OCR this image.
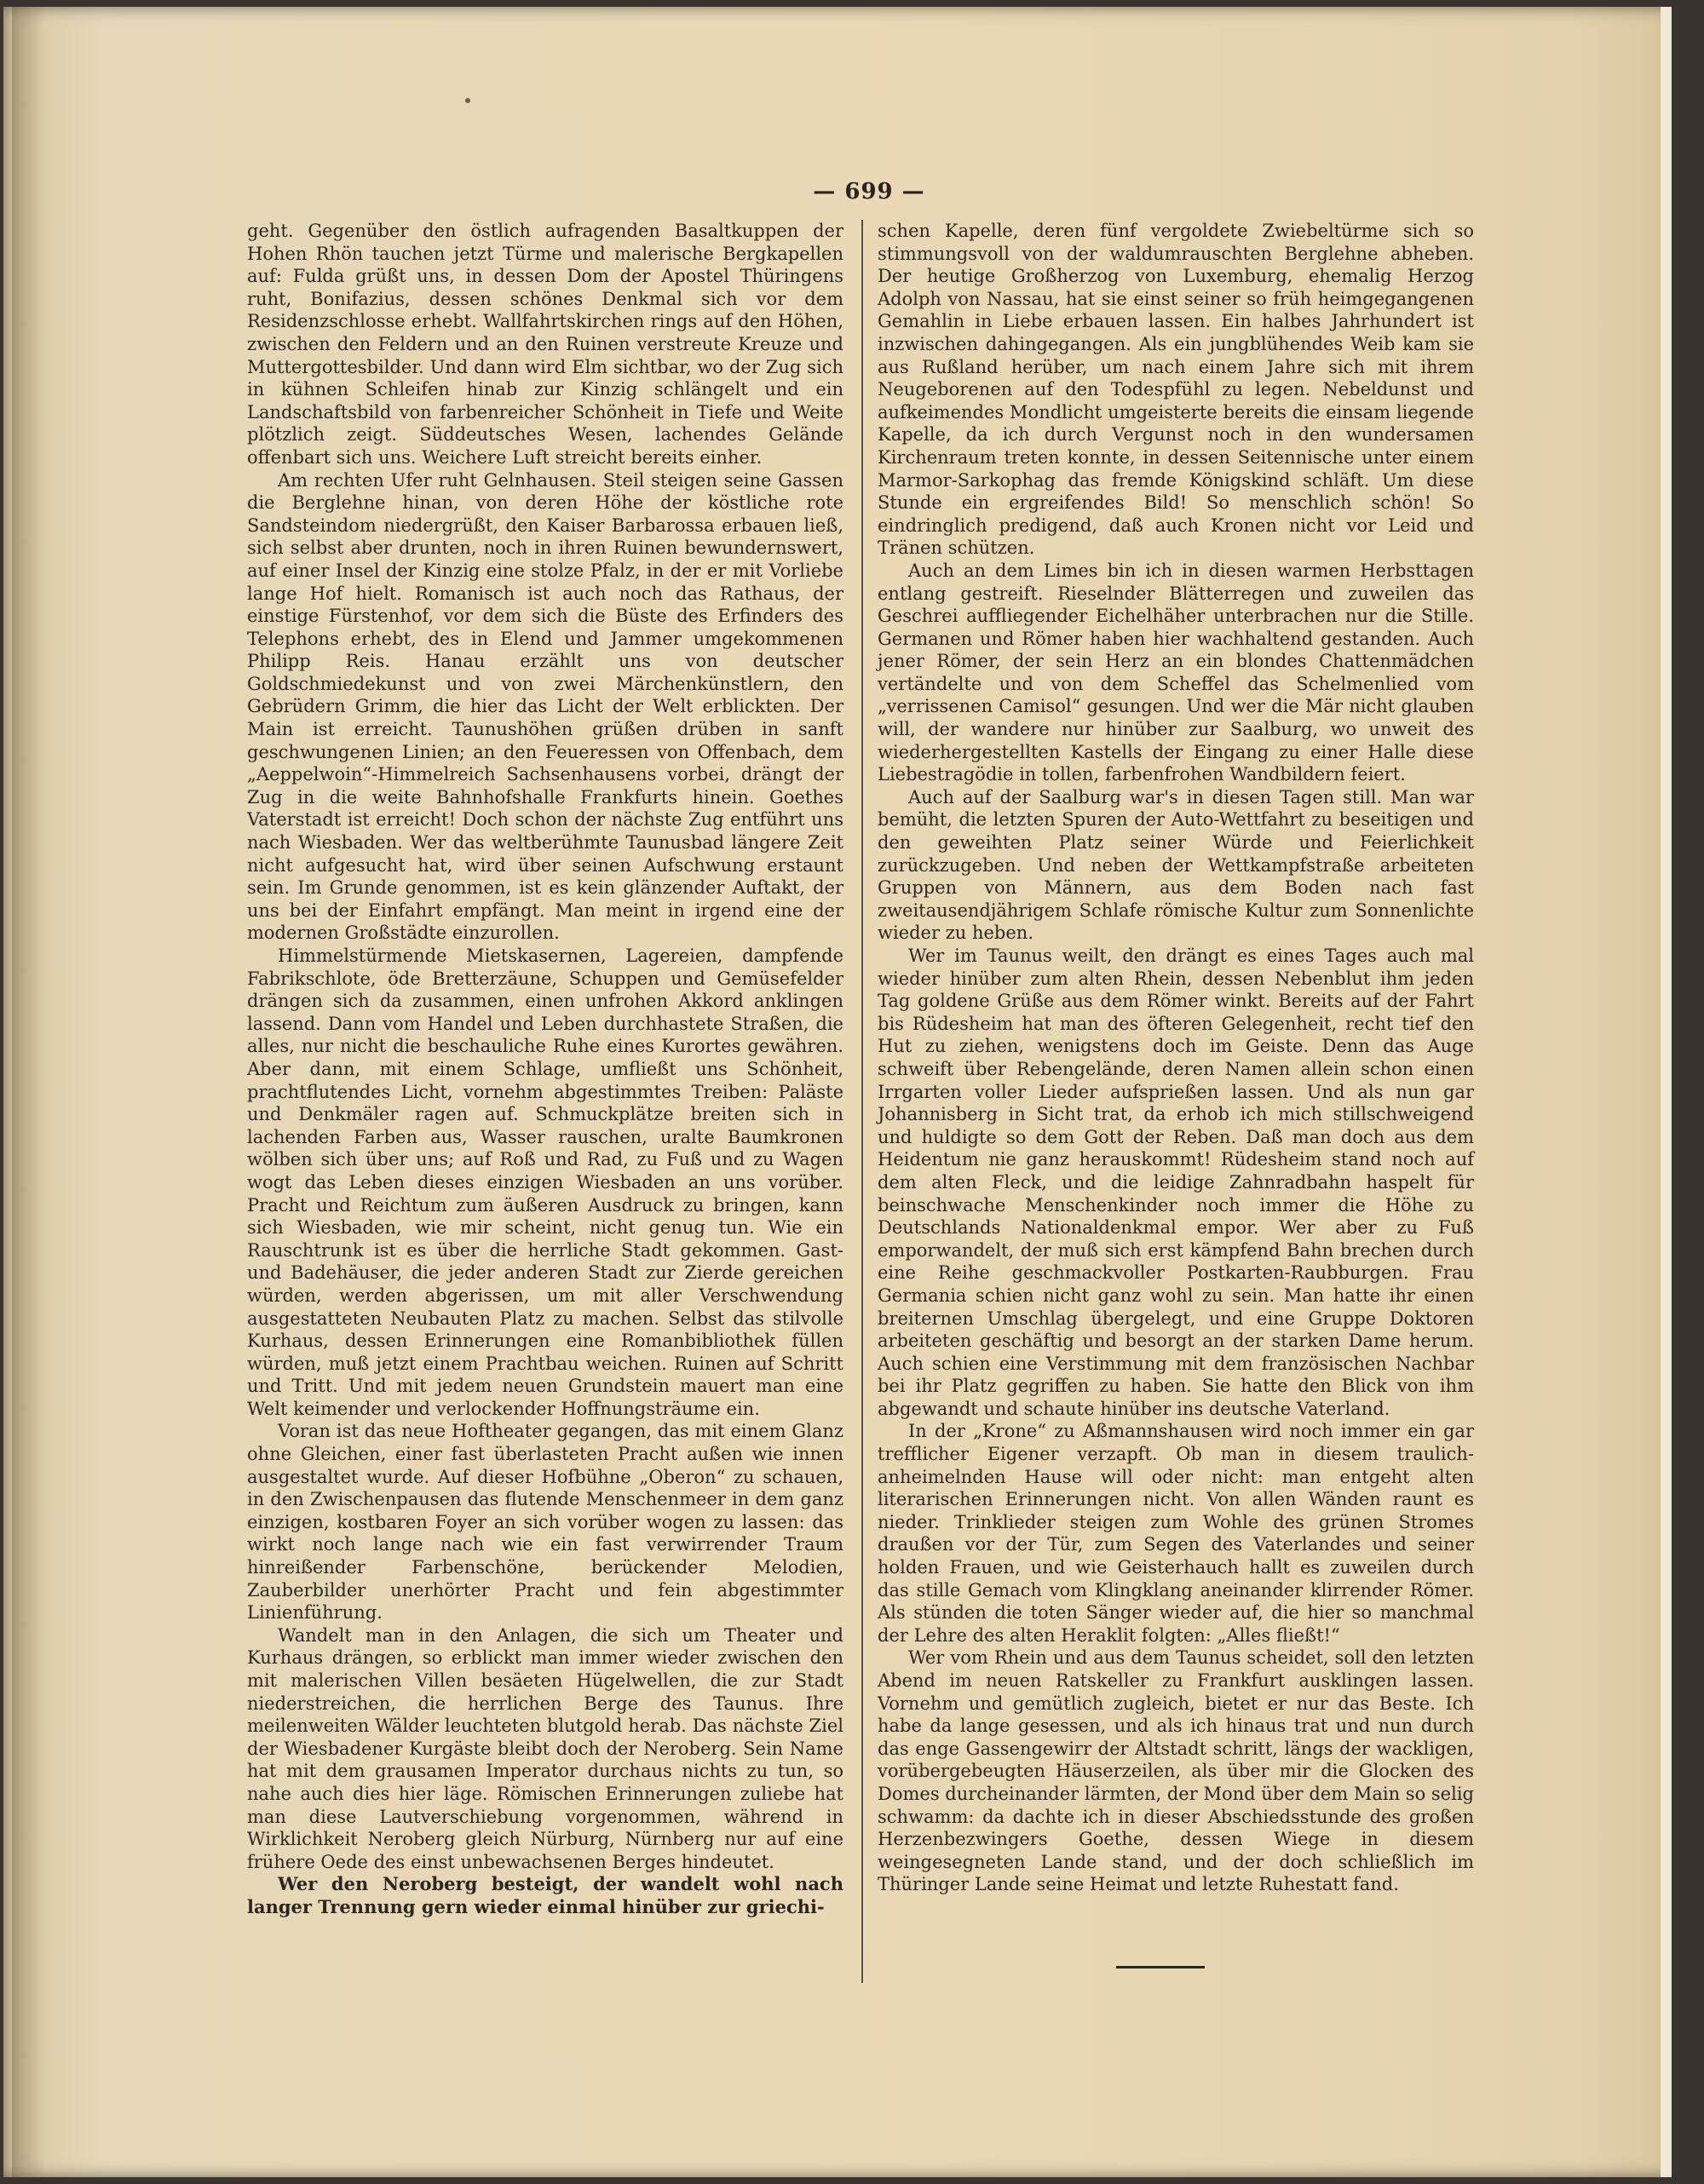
— 699 —

geht. Gegenüber den östlich aufragenden Basaltkuppen der Hohen Rhön tauchen jetzt Türme und malerische Bergkapellen auf: Fulda grüßt uns, in dessen Dom der Apostel Thüringens ruht, Bonifazius, dessen schönes Denkmal sich vor dem Residenzschlosse erhebt. Wallfahrtskirchen rings auf den Höhen, zwischen den Feldern und an den Ruinen verstreute Kreuze und Muttergottesbilder. Und dann wird Elm sichtbar, wo der Zug sich in kühnen Schleifen hinab zur Kinzig schlängelt und ein Landschaftsbild von farbenreicher Schönheit in Tiefe und Weite plötzlich zeigt. Süddeutsches Wesen, lachendes Gelände offenbart sich uns. Weichere Luft streicht bereits einher.

Am rechten Ufer ruht Gelnhausen. Steil steigen seine Gassen die Berglehne hinan, von deren Höhe der köstliche rote Sandsteindom niedergrüßt, den Kaiser Barbarossa erbauen ließ, sich selbst aber drunten, noch in ihren Ruinen bewundernswert, auf einer Insel der Kinzig eine stolze Pfalz, in der er mit Vorliebe lange Hof hielt. Romanisch ist auch noch das Rathaus, der einstige Fürstenhof, vor dem sich die Büste des Erfinders des Telephons erhebt, des in Elend und Jammer umgekommenen Philipp Reis. Hanau erzählt uns von deutscher Goldschmiedekunst und von zwei Märchenkünstlern, den Gebrüdern Grimm, die hier das Licht der Welt erblickten. Der Main ist erreicht. Taunushöhen grüßen drüben in sanft geschwungenen Linien; an den Feueressen von Offenbach, dem „Aeppelwoin“-Himmelreich Sachsenhausens vorbei, drängt der Zug in die weite Bahnhofshalle Frankfurts hinein. Goethes Vaterstadt ist erreicht! Doch schon der nächste Zug entführt uns nach Wiesbaden. Wer das weltberühmte Taunusbad längere Zeit nicht aufgesucht hat, wird über seinen Aufschwung erstaunt sein. Im Grunde genommen, ist es kein glänzender Auftakt, der uns bei der Einfahrt empfängt. Man meint in irgend eine der modernen Großstädte einzurollen.

Himmelstürmende Mietskasernen, Lagereien, dampfende Fabrikschlote, öde Bretterzäune, Schuppen und Gemüsefelder drängen sich da zusammen, einen unfrohen Akkord anklingen lassend. Dann vom Handel und Leben durchhastete Straßen, die alles, nur nicht die beschauliche Ruhe eines Kurortes gewähren. Aber dann, mit einem Schlage, umfließt uns Schönheit, prachtflutendes Licht, vornehm abgestimmtes Treiben: Paläste und Denkmäler ragen auf. Schmuckplätze breiten sich in lachenden Farben aus, Wasser rauschen, uralte Baumkronen wölben sich über uns; auf Roß und Rad, zu Fuß und zu Wagen wogt das Leben dieses einzigen Wiesbaden an uns vorüber. Pracht und Reichtum zum äußeren Ausdruck zu bringen, kann sich Wiesbaden, wie mir scheint, nicht genug tun. Wie ein Rauschtrunk ist es über die herrliche Stadt gekommen. Gast- und Badehäuser, die jeder anderen Stadt zur Zierde gereichen würden, werden abgerissen, um mit aller Verschwendung ausgestatteten Neubauten Platz zu machen. Selbst das stilvolle Kurhaus, dessen Erinnerungen eine Romanbibliothek füllen würden, muß jetzt einem Prachtbau weichen. Ruinen auf Schritt und Tritt. Und mit jedem neuen Grundstein mauert man eine Welt keimender und verlockender Hoffnungsträume ein.

Voran ist das neue Hoftheater gegangen, das mit einem Glanz ohne Gleichen, einer fast überlasteten Pracht außen wie innen ausgestaltet wurde. Auf dieser Hofbühne „Oberon“ zu schauen, in den Zwischenpausen das flutende Menschenmeer in dem ganz einzigen, kostbaren Foyer an sich vorüber wogen zu lassen: das wirkt noch lange nach wie ein fast verwirrender Traum hinreißender Farbenschöne, berückender Melodien, Zauberbilder unerhörter Pracht und fein abgestimmter Linienführung.

Wandelt man in den Anlagen, die sich um Theater und Kurhaus drängen, so erblickt man immer wieder zwischen den mit malerischen Villen besäeten Hügelwellen, die zur Stadt niederstreichen, die herrlichen Berge des Taunus. Ihre meilenweiten Wälder leuchteten blutgold herab. Das nächste Ziel der Wiesbadener Kurgäste bleibt doch der Neroberg. Sein Name hat mit dem grausamen Imperator durchaus nichts zu tun, so nahe auch dies hier läge. Römischen Erinnerungen zuliebe hat man diese Lautverschiebung vorgenommen, während in Wirklichkeit Neroberg gleich Nürburg, Nürnberg nur auf eine frühere Oede des einst unbewachsenen Berges hindeutet.

Wer den Neroberg besteigt, der wandelt wohl nach langer Trennung gern wieder einmal hinüber zur griechi-

schen Kapelle, deren fünf vergoldete Zwiebeltürme sich so stimmungsvoll von der waldumrauschten Berglehne abheben. Der heutige Großherzog von Luxemburg, ehemalig Herzog Adolph von Nassau, hat sie einst seiner so früh heimgegangenen Gemahlin in Liebe erbauen lassen. Ein halbes Jahrhundert ist inzwischen dahingegangen. Als ein jungblühendes Weib kam sie aus Rußland herüber, um nach einem Jahre sich mit ihrem Neugeborenen auf den Todespfühl zu legen. Nebeldunst und aufkeimendes Mondlicht umgeisterte bereits die einsam liegende Kapelle, da ich durch Vergunst noch in den wundersamen Kirchenraum treten konnte, in dessen Seitennische unter einem Marmor-Sarkophag das fremde Königskind schläft. Um diese Stunde ein ergreifendes Bild! So menschlich schön! So eindringlich predigend, daß auch Kronen nicht vor Leid und Tränen schützen.

Auch an dem Limes bin ich in diesen warmen Herbsttagen entlang gestreift. Rieselnder Blätterregen und zuweilen das Geschrei auffliegender Eichelhäher unterbrachen nur die Stille. Germanen und Römer haben hier wachhaltend gestanden. Auch jener Römer, der sein Herz an ein blondes Chattenmädchen vertändelte und von dem Scheffel das Schelmenlied vom „verrissenen Camisol“ gesungen. Und wer die Mär nicht glauben will, der wandere nur hinüber zur Saalburg, wo unweit des wiederhergestellten Kastells der Eingang zu einer Halle diese Liebestragödie in tollen, farbenfrohen Wandbildern feiert.

Auch auf der Saalburg war's in diesen Tagen still. Man war bemüht, die letzten Spuren der Auto-Wettfahrt zu beseitigen und den geweihten Platz seiner Würde und Feierlichkeit zurückzugeben. Und neben der Wettkampfstraße arbeiteten Gruppen von Männern, aus dem Boden nach fast zweitausendjährigem Schlafe römische Kultur zum Sonnenlichte wieder zu heben.

Wer im Taunus weilt, den drängt es eines Tages auch mal wieder hinüber zum alten Rhein, dessen Nebenblut ihm jeden Tag goldene Grüße aus dem Römer winkt. Bereits auf der Fahrt bis Rüdesheim hat man des öfteren Gelegenheit, recht tief den Hut zu ziehen, wenigstens doch im Geiste. Denn das Auge schweift über Rebengelände, deren Namen allein schon einen Irrgarten voller Lieder aufsprießen lassen. Und als nun gar Johannisberg in Sicht trat, da erhob ich mich stillschweigend und huldigte so dem Gott der Reben. Daß man doch aus dem Heidentum nie ganz herauskommt! Rüdesheim stand noch auf dem alten Fleck, und die leidige Zahnradbahn haspelt für beinschwache Menschenkinder noch immer die Höhe zu Deutschlands Nationaldenkmal empor. Wer aber zu Fuß emporwandelt, der muß sich erst kämpfend Bahn brechen durch eine Reihe geschmackvoller Postkarten-Raubburgen. Frau Germania schien nicht ganz wohl zu sein. Man hatte ihr einen breiternen Umschlag übergelegt, und eine Gruppe Doktoren arbeiteten geschäftig und besorgt an der starken Dame herum. Auch schien eine Verstimmung mit dem französischen Nachbar bei ihr Platz gegriffen zu haben. Sie hatte den Blick von ihm abgewandt und schaute hinüber ins deutsche Vaterland.

In der „Krone“ zu Aßmannshausen wird noch immer ein gar trefflicher Eigener verzapft. Ob man in diesem traulich-anheimelnden Hause will oder nicht: man entgeht alten literarischen Erinnerungen nicht. Von allen Wänden raunt es nieder. Trinklieder steigen zum Wohle des grünen Stromes draußen vor der Tür, zum Segen des Vaterlandes und seiner holden Frauen, und wie Geisterhauch hallt es zuweilen durch das stille Gemach vom Klingklang aneinander klirrender Römer. Als stünden die toten Sänger wieder auf, die hier so manchmal der Lehre des alten Heraklit folgten: „Alles fließt!“

Wer vom Rhein und aus dem Taunus scheidet, soll den letzten Abend im neuen Ratskeller zu Frankfurt ausklingen lassen. Vornehm und gemütlich zugleich, bietet er nur das Beste. Ich habe da lange gesessen, und als ich hinaus trat und nun durch das enge Gassengewirr der Altstadt schritt, längs der wackligen, vorübergebeugten Häuserzeilen, als über mir die Glocken des Domes durcheinander lärmten, der Mond über dem Main so selig schwamm: da dachte ich in dieser Abschiedsstunde des großen Herzenbezwingers Goethe, dessen Wiege in diesem weingesegneten Lande stand, und der doch schließlich im Thüringer Lande seine Heimat und letzte Ruhestatt fand.
